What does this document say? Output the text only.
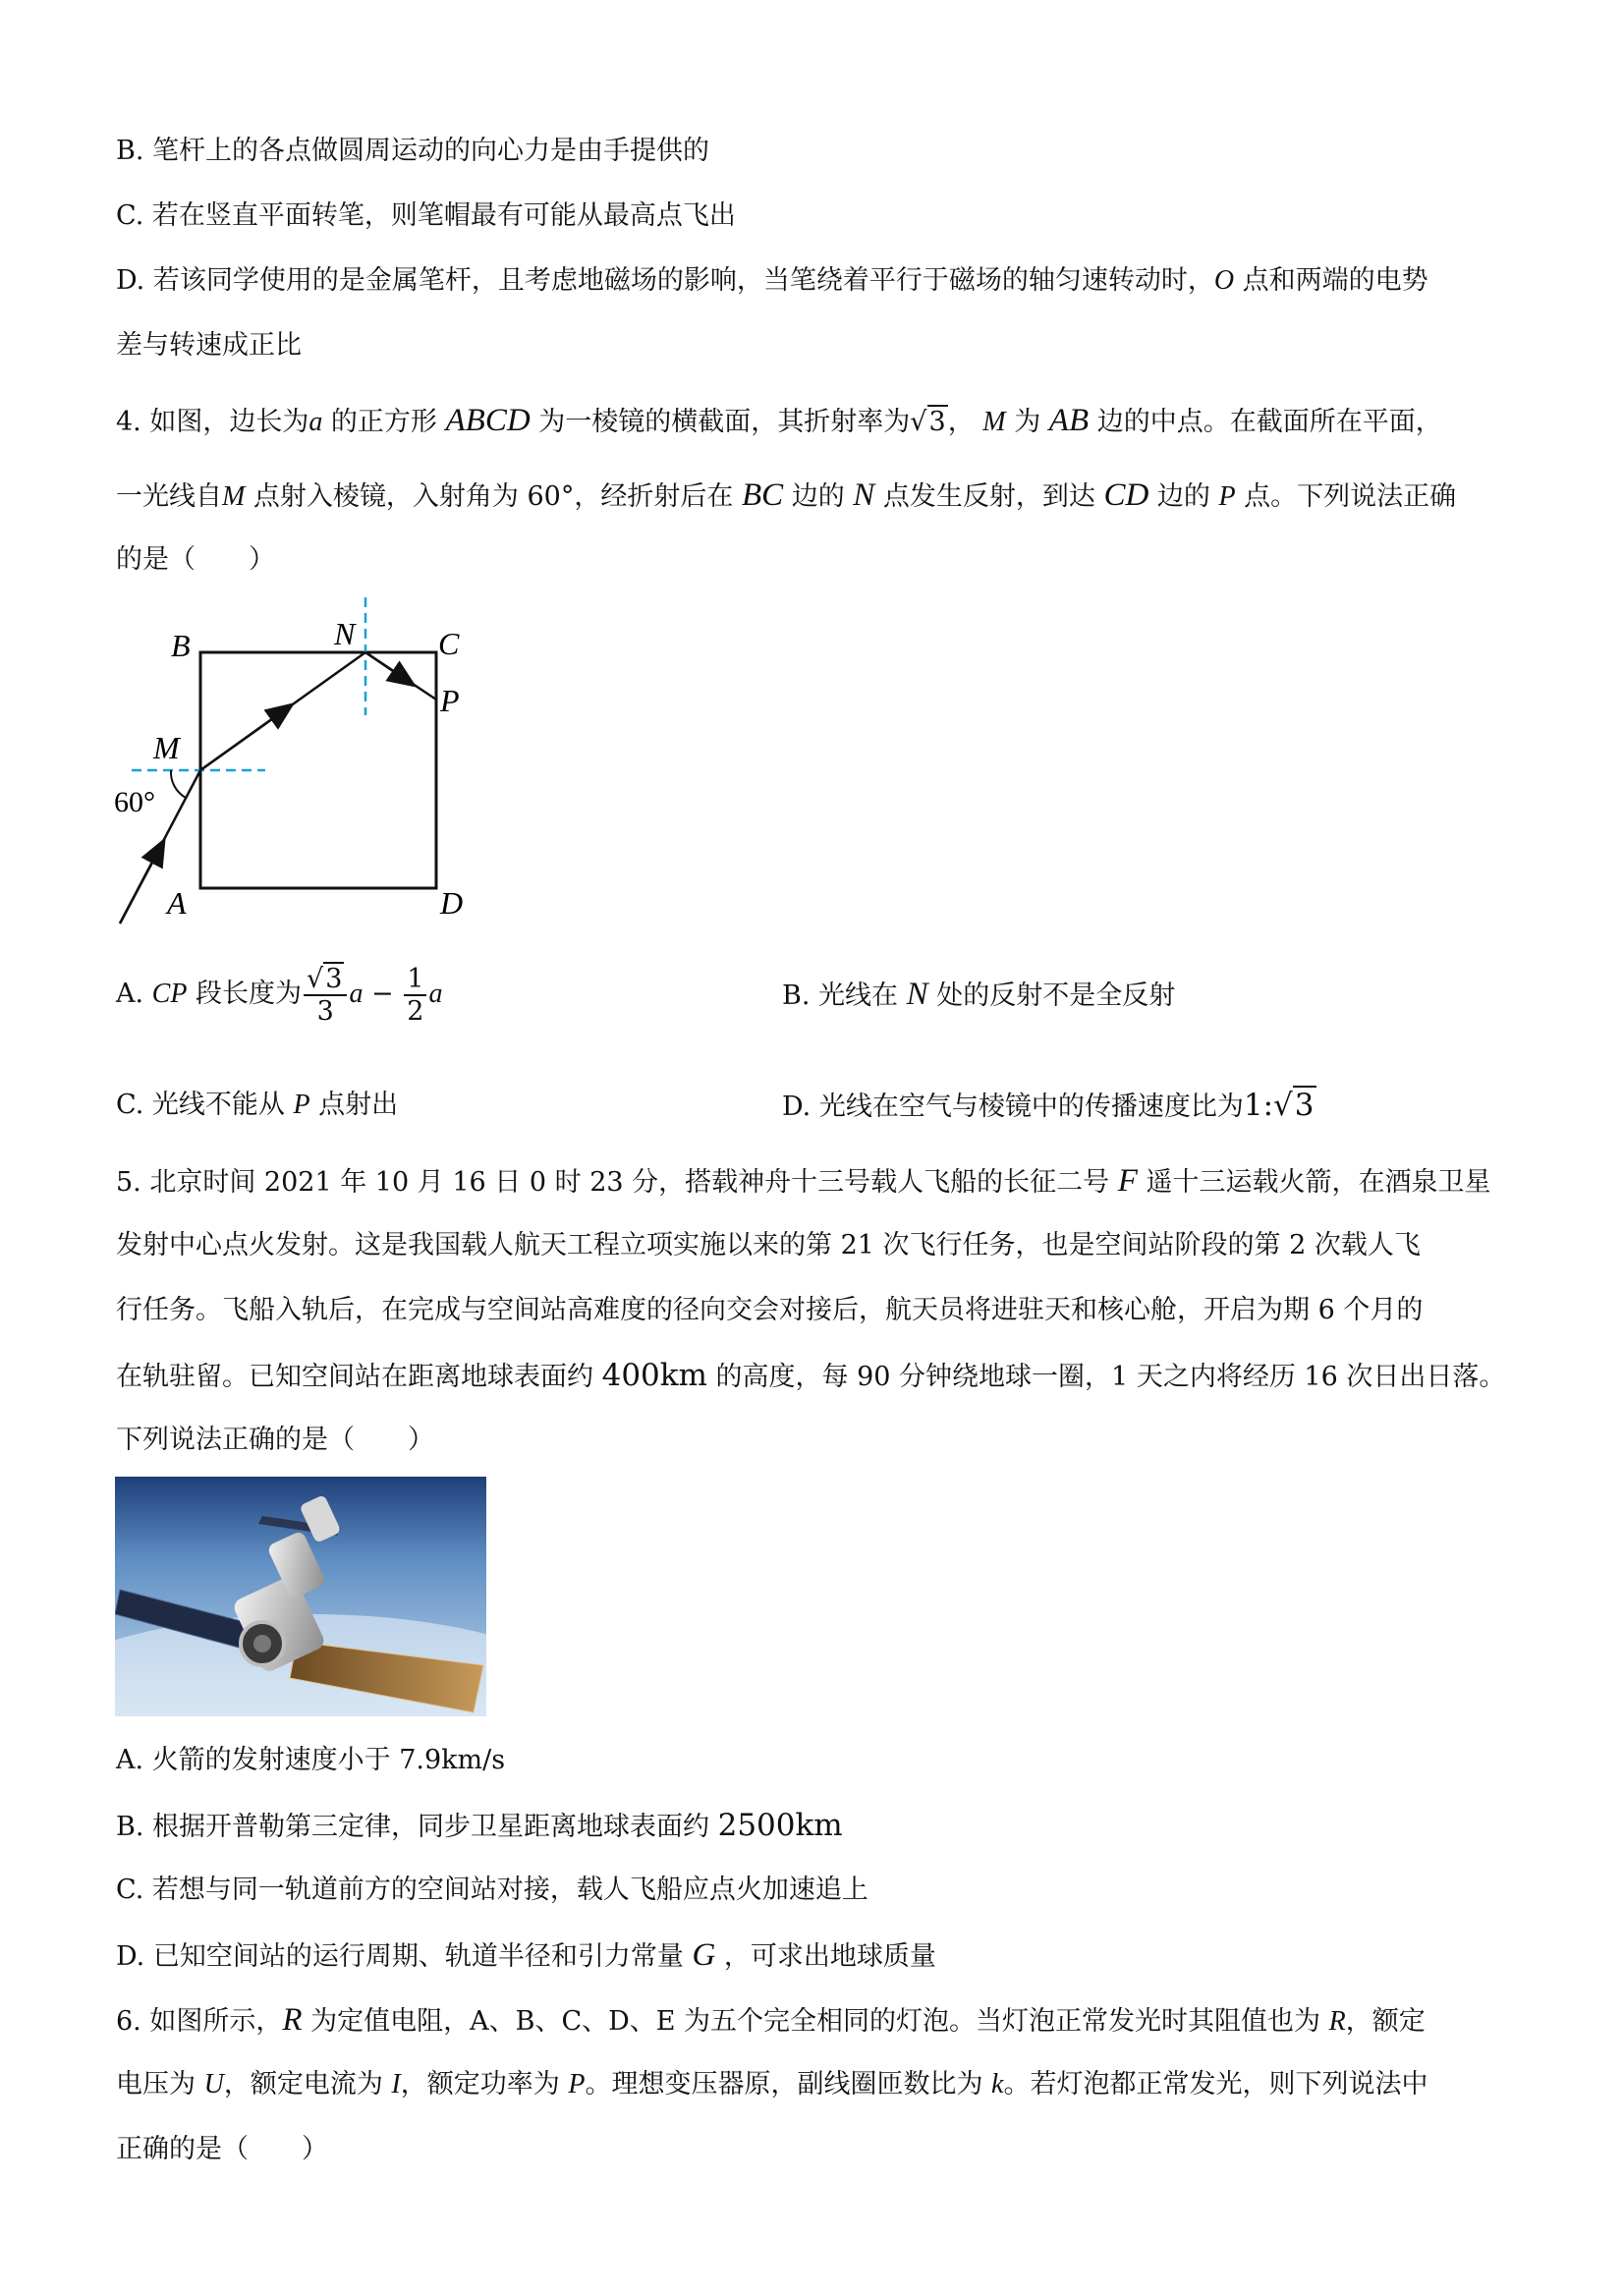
B. 笔杆上的各点做圆周运动的向心力是由手提供的
C. 若在竖直平面转笔，则笔帽最有可能从最高点飞出
D. 若该同学使用的是金属笔杆，且考虑地磁场的影响，当笔绕着平行于磁场的轴匀速转动时，O 点和两端的电势
差与转速成正比
4. 如图，边长为a 的正方形 ABCD 为一棱镜的横截面，其折射率为√3， M 为 AB 边的中点。在截面所在平面，
一光线自M 点射入棱镜，入射角为 60°，经折射后在 BC 边的 N 点发生反射，到达 CD 边的 P 点。下列说法正确
的是（　　）
B	N	C
P
M
60°
A	D
A. CP 段长度为 $\frac{√3}{3}$ $a - \frac{1}{2}$ a	B. 光线在 N 处的反射不是全反射
C. 光线不能从 P 点射出	D. 光线在空气与棱镜中的传播速度比为1:√3
5. 北京时间 2021 年 10 月 16 日 0 时 23 分，搭载神舟十三号载人飞船的长征二号 F 遥十三运载火箭，在酒泉卫星
发射中心点火发射。这是我国载人航天工程立项实施以来的第 21 次飞行任务，也是空间站阶段的第 2 次载人飞
行任务。飞船入轨后，在完成与空间站高难度的径向交会对接后，航天员将进驻天和核心舱，开启为期 6 个月的
在轨驻留。已知空间站在距离地球表面约 400km 的高度，每 90 分钟绕地球一圈，1 天之内将经历 16 次日出日落。
下列说法正确的是（　　）
A. 火箭的发射速度小于 7.9km/s
B. 根据开普勒第三定律，同步卫星距离地球表面约 2500km
C. 若想与同一轨道前方的空间站对接，载人飞船应点火加速追上
D. 已知空间站的运行周期、轨道半径和引力常量 G ，可求出地球质量
6. 如图所示，R 为定值电阻，A、B、C、D、E 为五个完全相同的灯泡。当灯泡正常发光时其阻值也为 R，额定
电压为 U，额定电流为 I，额定功率为 P。理想变压器原，副线圈匝数比为 k。若灯泡都正常发光，则下列说法中
正确的是（　　）
